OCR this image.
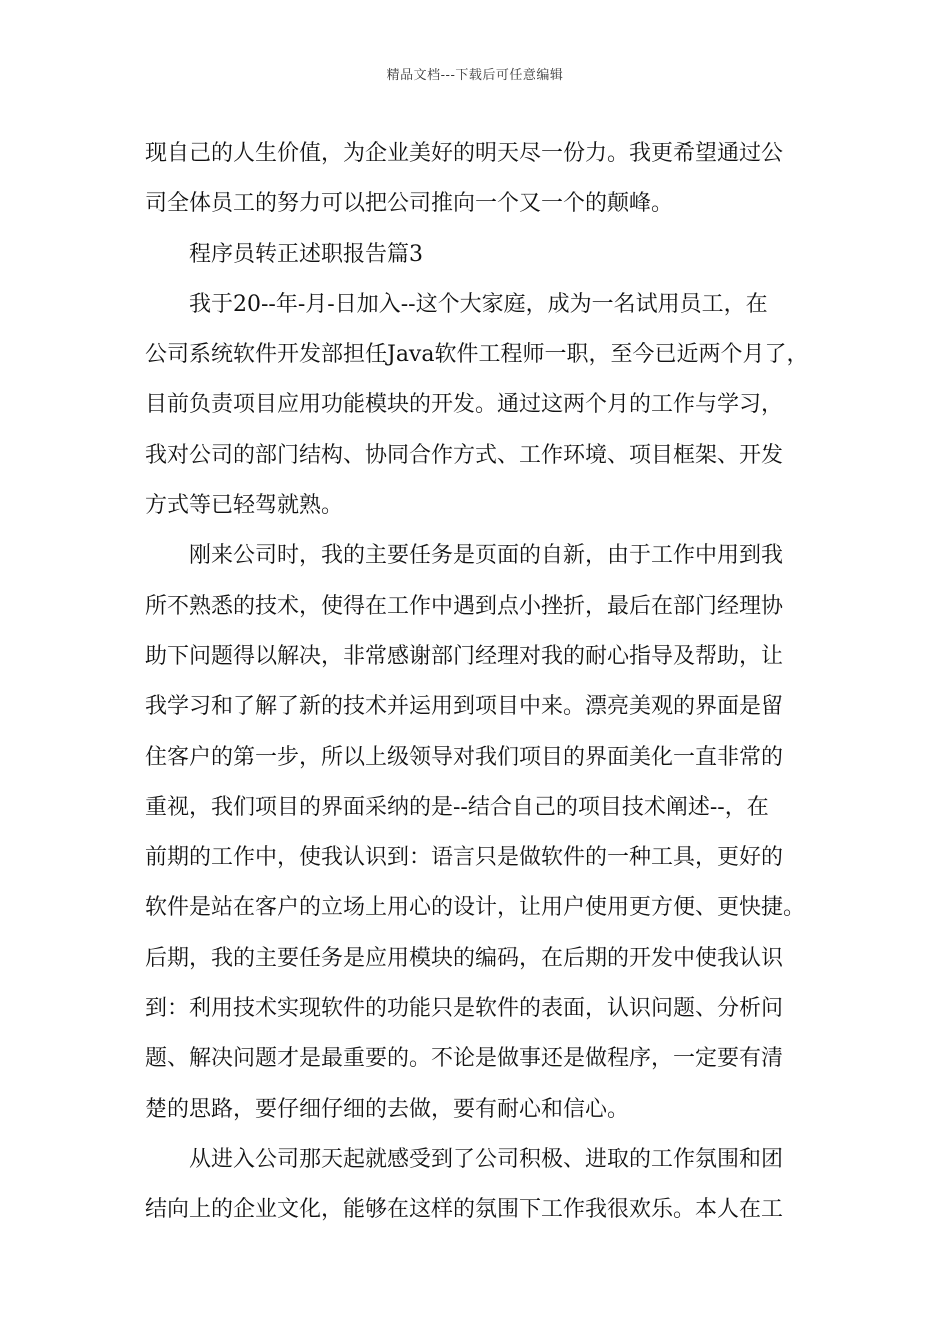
精品文档---下载后可任意编辑
现自己的人生价值，为企业美好的明天尽一份力。我更希望通过公
司全体员工的努力可以把公司推向一个又一个的颠峰。
程序员转正述职报告篇3
我于20--年-月-日加入--这个大家庭，成为一名试用员工，在
公司系统软件开发部担任Java软件工程师一职，至今已近两个月了，
目前负责项目应用功能模块的开发。通过这两个月的工作与学习，
我对公司的部门结构、协同合作方式、工作环境、项目框架、开发
方式等已轻驾就熟。
刚来公司时，我的主要任务是页面的自新，由于工作中用到我
所不熟悉的技术，使得在工作中遇到点小挫折，最后在部门经理协
助下问题得以解决，非常感谢部门经理对我的耐心指导及帮助，让
我学习和了解了新的技术并运用到项目中来。漂亮美观的界面是留
住客户的第一步，所以上级领导对我们项目的界面美化一直非常的
重视，我们项目的界面采纳的是--结合自己的项目技术阐述--，在
前期的工作中，使我认识到：语言只是做软件的一种工具，更好的
软件是站在客户的立场上用心的设计，让用户使用更方便、更快捷。
后期，我的主要任务是应用模块的编码，在后期的开发中使我认识
到：利用技术实现软件的功能只是软件的表面，认识问题、分析问
题、解决问题才是最重要的。不论是做事还是做程序，一定要有清
楚的思路，要仔细仔细的去做，要有耐心和信心。
从进入公司那天起就感受到了公司积极、进取的工作氛围和团
结向上的企业文化，能够在这样的氛围下工作我很欢乐。本人在工
